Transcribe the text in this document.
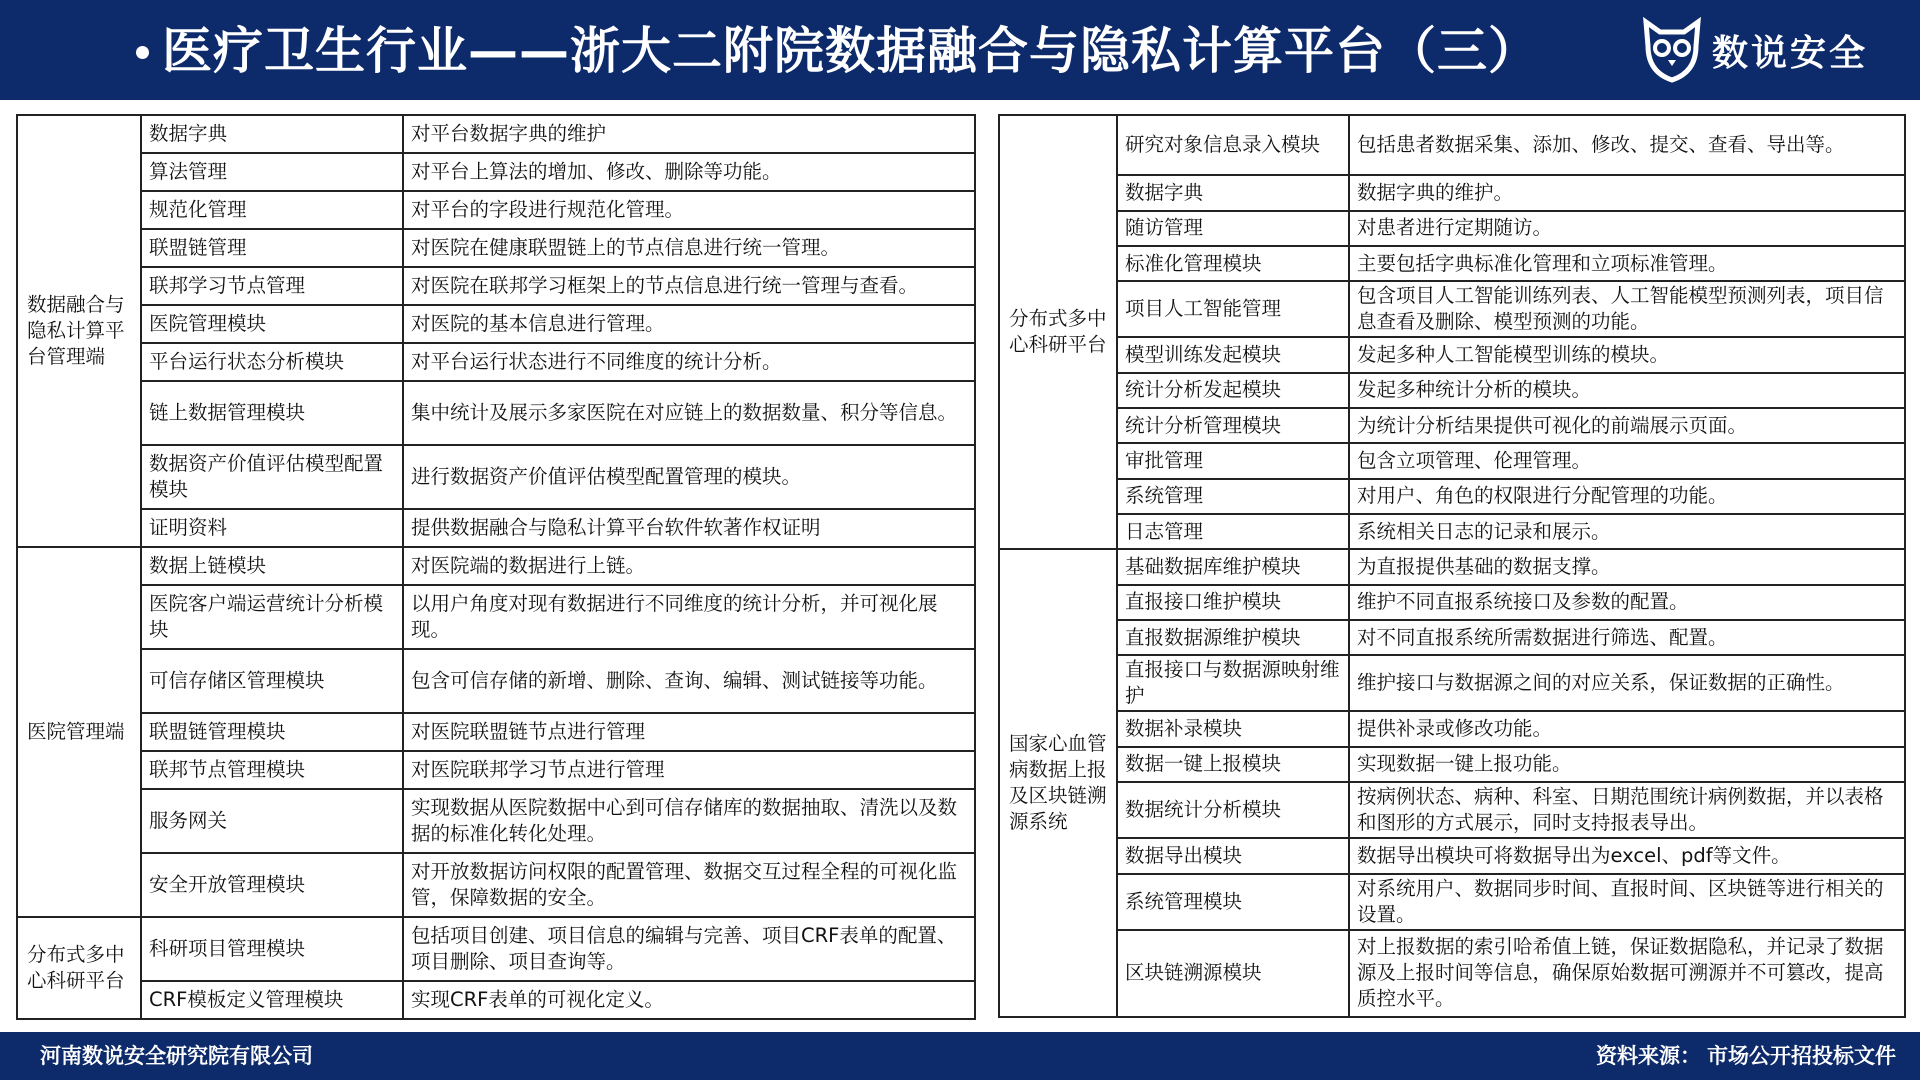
医疗卫生行业——浙大二附院数据融合与隐私计算平台（三）	数说安全
数据融合与隐私计算平台管理端	数据字典	对平台数据字典的维护
	算法管理	对平台上算法的增加、修改、删除等功能。
	规范化管理	对平台的字段进行规范化管理。
	联盟链管理	对医院在健康联盟链上的节点信息进行统一管理。
	联邦学习节点管理	对医院在联邦学习框架上的节点信息进行统一管理与查看。
	医院管理模块	对医院的基本信息进行管理。
	平台运行状态分析模块	对平台运行状态进行不同维度的统计分析。
	链上数据管理模块	集中统计及展示多家医院在对应链上的数据数量、积分等信息。
	数据资产价值评估模型配置模块	进行数据资产价值评估模型配置管理的模块。
	证明资料	提供数据融合与隐私计算平台软件软著作权证明
医院管理端	数据上链模块	对医院端的数据进行上链。
	医院客户端运营统计分析模块	以用户角度对现有数据进行不同维度的统计分析，并可视化展现。
	可信存储区管理模块	包含可信存储的新增、删除、查询、编辑、测试链接等功能。
	联盟链管理模块	对医院联盟链节点进行管理
	联邦节点管理模块	对医院联邦学习节点进行管理
	服务网关	实现数据从医院数据中心到可信存储库的数据抽取、清洗以及数据的标准化转化处理。
	安全开放管理模块	对开放数据访问权限的配置管理、数据交互过程全程的可视化监管，保障数据的安全。
分布式多中心科研平台	科研项目管理模块	包括项目创建、项目信息的编辑与完善、项目CRF表单的配置、项目删除、项目查询等。
	CRF模板定义管理模块	实现CRF表单的可视化定义。
分布式多中心科研平台	研究对象信息录入模块	包括患者数据采集、添加、修改、提交、查看、导出等。
	数据字典	数据字典的维护。
	随访管理	对患者进行定期随访。
	标准化管理模块	主要包括字典标准化管理和立项标准管理。
	项目人工智能管理	包含项目人工智能训练列表、人工智能模型预测列表，项目信息查看及删除、模型预测的功能。
	模型训练发起模块	发起多种人工智能模型训练的模块。
	统计分析发起模块	发起多种统计分析的模块。
	统计分析管理模块	为统计分析结果提供可视化的前端展示页面。
	审批管理	包含立项管理、伦理管理。
	系统管理	对用户、角色的权限进行分配管理的功能。
	日志管理	系统相关日志的记录和展示。
国家心血管病数据上报及区块链溯源系统	基础数据库维护模块	为直报提供基础的数据支撑。
	直报接口维护模块	维护不同直报系统接口及参数的配置。
	直报数据源维护模块	对不同直报系统所需数据进行筛选、配置。
	直报接口与数据源映射维护	维护接口与数据源之间的对应关系，保证数据的正确性。
	数据补录模块	提供补录或修改功能。
	数据一键上报模块	实现数据一键上报功能。
	数据统计分析模块	按病例状态、病种、科室、日期范围统计病例数据，并以表格和图形的方式展示，同时支持报表导出。
	数据导出模块	数据导出模块可将数据导出为excel、pdf等文件。
	系统管理模块	对系统用户、数据同步时间、直报时间、区块链等进行相关的设置。
	区块链溯源模块	对上报数据的索引哈希值上链，保证数据隐私，并记录了数据源及上报时间等信息，确保原始数据可溯源并不可篡改，提高质控水平。
河南数说安全研究院有限公司	资料来源： 市场公开招投标文件
